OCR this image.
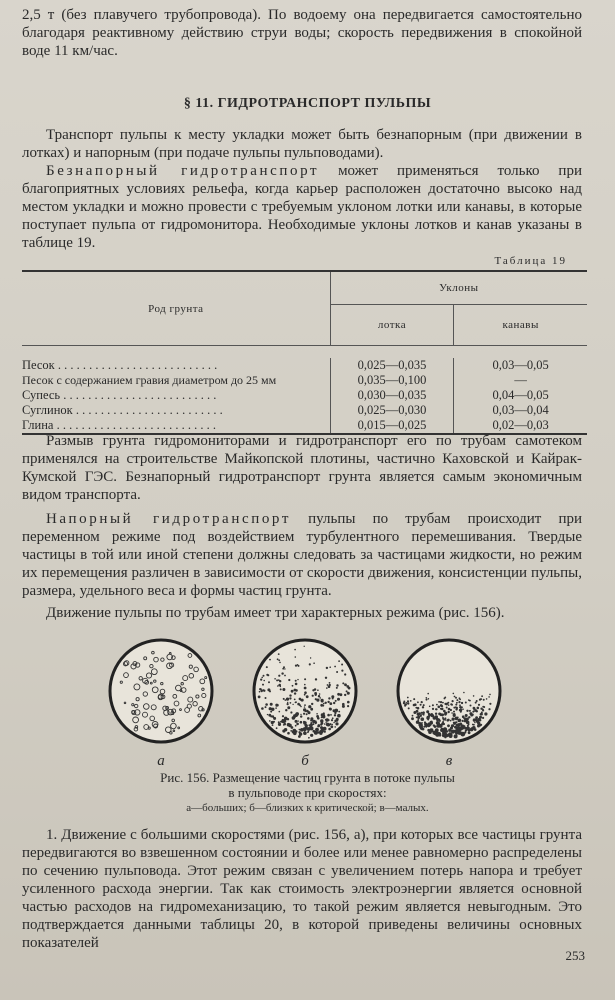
2,5 т (без плавучего трубопровода). По водоему она передвигается самостоятельно благодаря реактивному действию струи воды; скорость передвижения в спокойной воде 11 км/час.

§ 11. ГИДРОТРАНСПОРТ ПУЛЬПЫ

Транспорт пульпы к месту укладки может быть безнапорным (при движении в лотках) и напорным (при подаче пульпы пульповодами).

Безнапорный гидротранспорт может применяться только при благоприятных условиях рельефа, когда карьер расположен достаточно высоко над местом укладки и можно провести с требуемым уклоном лотки или канавы, в которые поступает пульпа от гидромонитора. Необходимые уклоны лотков и канав указаны в таблице 19.

Таблица 19

Род грунта	Уклоны	
	лотка	канавы

Песок . . . . . . . . . . . . . . . . . . . . . . . . . .	0,025—0,035	0,03—0,05
Песок с содержанием гравия диаметром до 25 мм	0,035—0,100	—
Супесь . . . . . . . . . . . . . . . . . . . . . . . . .	0,030—0,035	0,04—0,05
Суглинок . . . . . . . . . . . . . . . . . . . . . . . .	0,025—0,030	0,03—0,04
Глина . . . . . . . . . . . . . . . . . . . . . . . . . .	0,015—0,025	0,02—0,03

Размыв грунта гидромониторами и гидротранспорт его по трубам самотеком применялся на строительстве Майкопской плотины, частично Каховской и Кайрак-Кумской ГЭС. Безнапорный гидротранспорт грунта является самым экономичным видом транспорта.

Напорный гидротранспорт пульпы по трубам происходит при переменном режиме под воздействием турбулентного перемешивания. Твердые частицы в той или иной степени должны следовать за частицами жидкости, но режим их перемещения различен в зависимости от скорости движения, консистенции пульпы, размера, удельного веса и формы частиц грунта.

Движение пульпы по трубам имеет три характерных режима (рис. 156).

а	б	в

Рис. 156. Размещение частиц грунта в потоке пульпы

в пульповоде при скоростях:

а—больших; б—близких к критической; в—малых.

1. Движение с большими скоростями (рис. 156, а), при которых все частицы грунта передвигаются во взвешенном состоянии и более или менее равномерно распределены по сечению пульповода. Этот режим связан с увеличением потерь напора и требует усиленного расхода энергии. Так как стоимость электроэнергии является основной частью расходов на гидромеханизацию, то такой режим является невыгодным. Это подтверждается данными таблицы 20, в которой приведены величины основных показателей

253
